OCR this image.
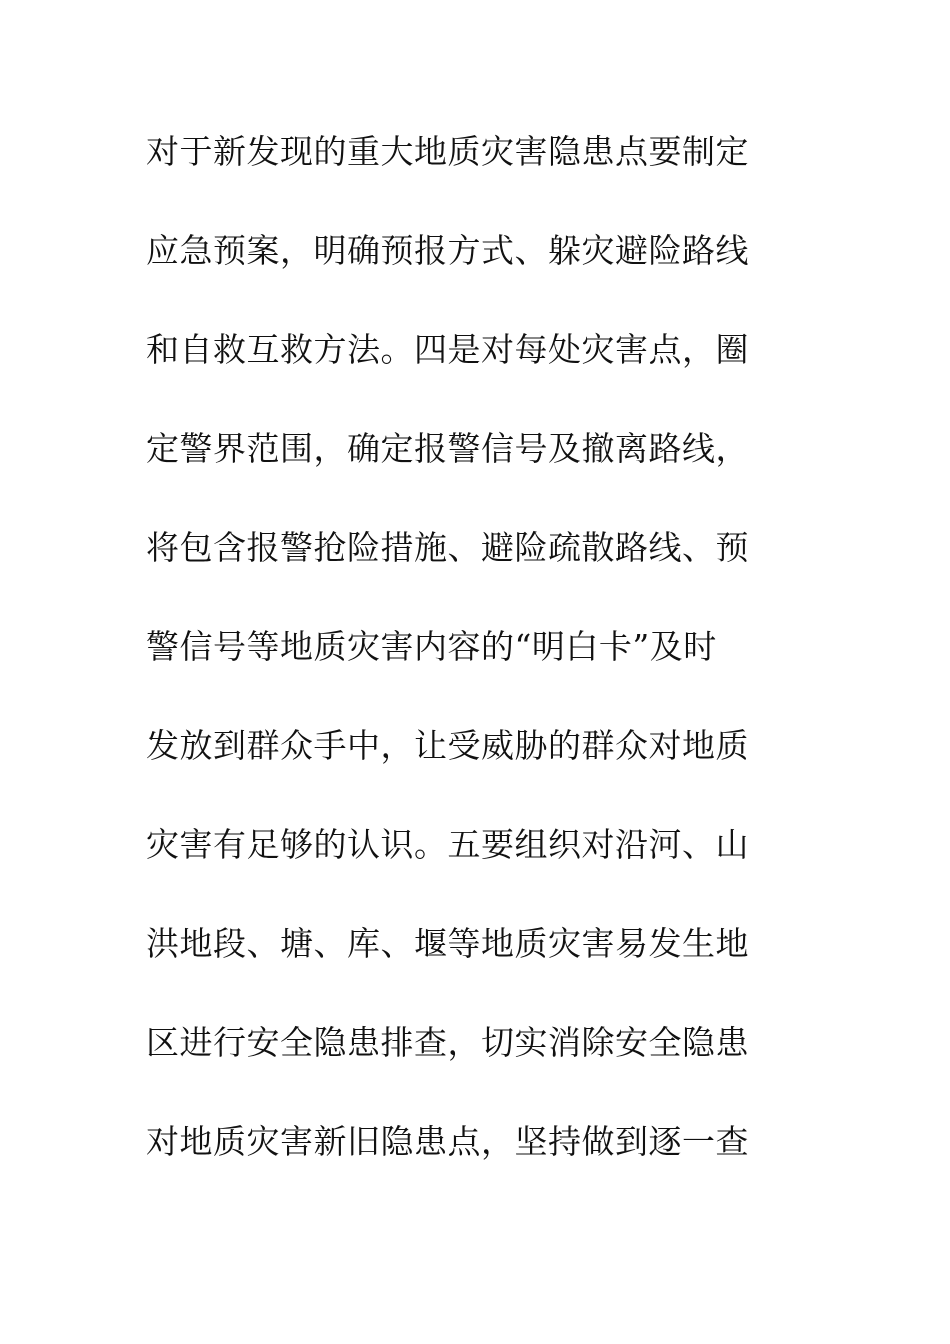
对于新发现的重大地质灾害隐患点要制定
应急预案，明确预报方式、躲灾避险路线
和自救互救方法。四是对每处灾害点，圈
定警界范围，确定报警信号及撤离路线，
将包含报警抢险措施、避险疏散路线、预
警信号等地质灾害内容的“明白卡”及时
发放到群众手中，让受威胁的群众对地质
灾害有足够的认识。五要组织对沿河、山
洪地段、塘、库、堰等地质灾害易发生地
区进行安全隐患排查，切实消除安全隐患
对地质灾害新旧隐患点，坚持做到逐一查
